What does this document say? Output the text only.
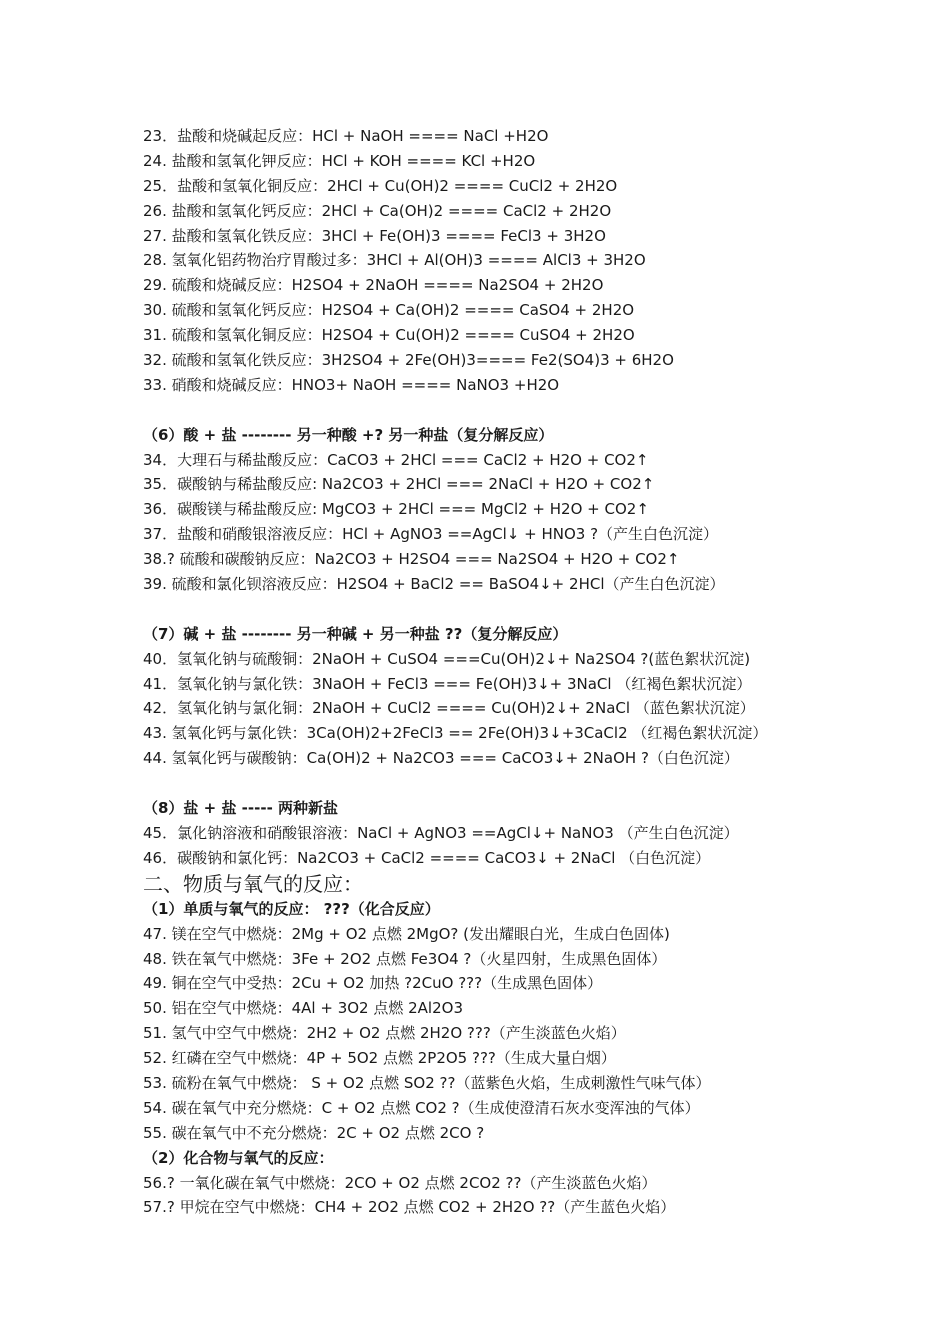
23．盐酸和烧碱起反应：HCl + NaOH ==== NaCl +H2O
24. 盐酸和氢氧化钾反应：HCl + KOH ==== KCl +H2O
25．盐酸和氢氧化铜反应：2HCl + Cu(OH)2 ==== CuCl2 + 2H2O
26. 盐酸和氢氧化钙反应：2HCl + Ca(OH)2 ==== CaCl2 + 2H2O
27. 盐酸和氢氧化铁反应：3HCl + Fe(OH)3 ==== FeCl3 + 3H2O
28. 氢氧化铝药物治疗胃酸过多：3HCl + Al(OH)3 ==== AlCl3 + 3H2O
29. 硫酸和烧碱反应：H2SO4 + 2NaOH ==== Na2SO4 + 2H2O
30. 硫酸和氢氧化钙反应：H2SO4 + Ca(OH)2 ==== CaSO4 + 2H2O
31. 硫酸和氢氧化铜反应：H2SO4 + Cu(OH)2 ==== CuSO4 + 2H2O
32. 硫酸和氢氧化铁反应：3H2SO4 + 2Fe(OH)3==== Fe2(SO4)3 + 6H2O
33. 硝酸和烧碱反应：HNO3+ NaOH ==== NaNO3 +H2O
（6）酸 + 盐 -------- 另一种酸 +? 另一种盐（复分解反应）
34．大理石与稀盐酸反应：CaCO3 + 2HCl === CaCl2 + H2O + CO2↑
35．碳酸钠与稀盐酸反应: Na2CO3 + 2HCl === 2NaCl + H2O + CO2↑
36．碳酸镁与稀盐酸反应: MgCO3 + 2HCl === MgCl2 + H2O + CO2↑
37．盐酸和硝酸银溶液反应：HCl + AgNO3 ==AgCl↓ + HNO3 ?（产生白色沉淀）
38.? 硫酸和碳酸钠反应：Na2CO3 + H2SO4 === Na2SO4 + H2O + CO2↑
39. 硫酸和氯化钡溶液反应：H2SO4 + BaCl2 == BaSO4↓+ 2HCl（产生白色沉淀）
（7）碱 + 盐 -------- 另一种碱 + 另一种盐 ??（复分解反应）
40．氢氧化钠与硫酸铜：2NaOH + CuSO4 ===Cu(OH)2↓+ Na2SO4 ?(蓝色絮状沉淀)
41．氢氧化钠与氯化铁：3NaOH + FeCl3 === Fe(OH)3↓+ 3NaCl （红褐色絮状沉淀）
42．氢氧化钠与氯化铜：2NaOH + CuCl2 ==== Cu(OH)2↓+ 2NaCl （蓝色絮状沉淀）
43. 氢氧化钙与氯化铁：3Ca(OH)2+2FeCl3 == 2Fe(OH)3↓+3CaCl2 （红褐色絮状沉淀）
44. 氢氧化钙与碳酸钠：Ca(OH)2 + Na2CO3 === CaCO3↓+ 2NaOH ?（白色沉淀）
（8）盐 + 盐 ----- 两种新盐
45．氯化钠溶液和硝酸银溶液：NaCl + AgNO3 ==AgCl↓+ NaNO3 （产生白色沉淀）
46．碳酸钠和氯化钙：Na2CO3 + CaCl2 ==== CaCO3↓ + 2NaCl （白色沉淀）
二、物质与氧气的反应：
（1）单质与氧气的反应： ???（化合反应）
47. 镁在空气中燃烧：2Mg + O2 点燃 2MgO? (发出耀眼白光，生成白色固体)
48. 铁在氧气中燃烧：3Fe + 2O2 点燃 Fe3O4 ?（火星四射，生成黑色固体）
49. 铜在空气中受热：2Cu + O2 加热 ?2CuO ???（生成黑色固体）
50. 铝在空气中燃烧：4Al + 3O2 点燃 2Al2O3
51. 氢气中空气中燃烧：2H2 + O2 点燃 2H2O ???（产生淡蓝色火焰）
52. 红磷在空气中燃烧：4P + 5O2 点燃 2P2O5 ???（生成大量白烟）
53. 硫粉在氧气中燃烧： S + O2 点燃 SO2 ??（蓝紫色火焰，生成刺激性气味气体）
54. 碳在氧气中充分燃烧：C + O2 点燃 CO2 ?（生成使澄清石灰水变浑浊的气体）
55. 碳在氧气中不充分燃烧：2C + O2 点燃 2CO ?
（2）化合物与氧气的反应：
56.? 一氧化碳在氧气中燃烧：2CO + O2 点燃 2CO2 ??（产生淡蓝色火焰）
57.? 甲烷在空气中燃烧：CH4 + 2O2 点燃 CO2 + 2H2O ??（产生蓝色火焰）
